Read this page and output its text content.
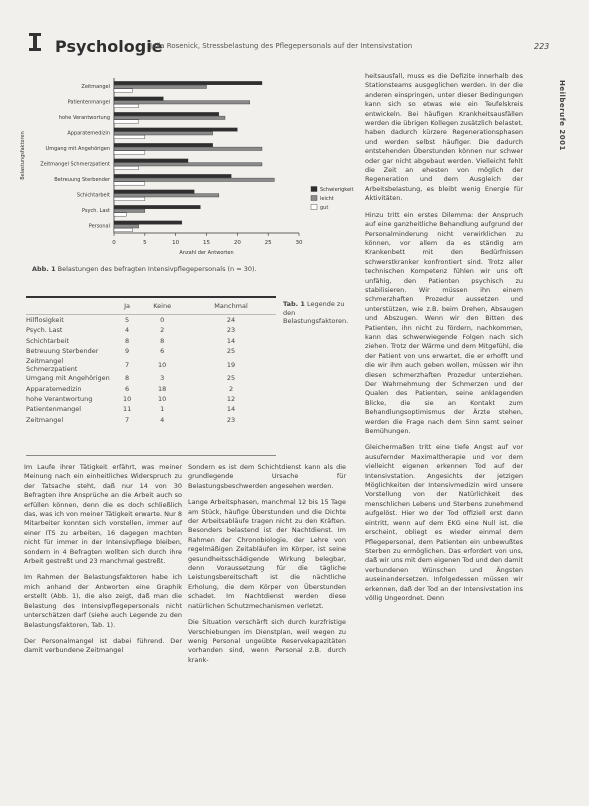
Psychologie
Jella Rosenick, Stressbelastung des Pflegepersonals auf der Intensivstation	223
Heilberufe 2001
Zeitmangel
Patientenmangel
hohe Verantwortung
Apparatemedizin
Umgang mit Angehörigen
Zeitmangel Schmerzpatient
Betreuung Sterbender
Schichtarbeit
Psych. Last
Personal
0	5	10	15	20	25	30
Anzahl der Antworten
Belastungsfaktoren
Schwierigkeit
leicht
gut
Abb. 1 Belastungen des befragten Intensivpflegepersonals (n = 30).
	Ja	Keine	Manchmal
Hilflosigkeit	5	0	24
Psych. Last	4	2	23
Schichtarbeit	8	8	14
Betreuung Sterbender	9	6	25
Zeitmangel Schmerzpatient	7	10	19
Umgang mit Angehörigen	8	3	25
Apparatemedizin	6	18	2
hohe Verantwortung	10	10	12
Patientenmangel	11	1	14
Zeitmangel	7	4	23
Tab. 1 Legende zu den Belastungsfaktoren.

Im Laufe ihrer Tätigkeit erfährt, was meiner Meinung nach ein einheitliches Widerspruch zu der Tatsache steht, daß nur 14 von 30 Befragten ihre Ansprüche an die Arbeit auch so erfüllen können, denn die es doch schließlich das, was ich von meiner Tätigkeit erwarte. Nur 8 Mitarbeiter konnten sich vorstellen, immer auf einer ITS zu arbeiten, 16 dagegen machten nicht für immer in der Intensivpflege bleiben, sondern in 4 Befragten wollten sich durch ihre Arbeit gestreßt und 23 manchmal gestreßt.

Im Rahmen der Belastungsfaktoren habe ich mich anhand der Antworten eine Graphik erstellt (Abb. 1), die also zeigt, daß man die Belastung des Intensivpflegepersonals nicht unterschätzen darf (siehe auch Legende zu den Belastungsfaktoren, Tab. 1).

Der Personalmangel ist dabei führend. Der damit verbundene Zeitmangel

Sondern es ist dem Schichtdienst kann als die grundlegende Ursache für Belastungsbeschwerden angesehen werden.

Lange Arbeitsphasen, manchmal 12 bis 15 Tage am Stück, häufige Überstunden und die Dichte der Arbeitsabläufe tragen nicht zu den Kräften. Besonders belastend ist der Nachtdienst. Im Rahmen der Chronobiologie, der Lehre von regelmäßigen Zeitabläufen im Körper, ist seine gesundheitsschädigende Wirkung belegbar, denn Voraussetzung für die tägliche Leistungsbereitschaft ist die nächtliche Erholung, die dem Körper von Überstunden schadet. Im Nachtdienst werden diese natürlichen Schutzmechanismen verletzt.

Die Situation verschärft sich durch kurzfristige Verschiebungen im Dienstplan, weil wegen zu wenig Personal ungeübte Reservekapazitäten vorhanden sind, wenn Personal z.B. durch krank-

heitsausfall, muss es die Defizite innerhalb des Stationsteams ausgeglichen werden. In der die anderen einspringen, unter dieser Bedingungen kann sich so etwas wie ein Teufelskreis entwickeln. Bei häufigen Krankheitsausfällen werden die übrigen Kollegen zusätzlich belastet, haben dadurch kürzere Regenerationsphasen und werden selbst häufiger. Die dadurch entstehenden Überstunden können nur schwer oder gar nicht abgebaut werden. Vielleicht fehlt die Zeit an ehesten von möglich der Regeneration und dem Ausgleich der Arbeitsbelastung, es bleibt wenig Energie für Aktivitäten.

Hinzu tritt ein erstes Dilemma: der Anspruch auf eine ganzheitliche Behandlung aufgrund der Personalminderung nicht verwirklichen zu können, vor allem da es ständig am Krankenbett mit den Bedürfnissen schwerstkranker konfrontiert sind. Trotz aller technischen Kompetenz fühlen wir uns oft unfähig, den Patienten psychisch zu stabilisieren. Wir müssen ihn einem schmerzhaften Prozedur aussetzen und unterstützen, wie z.B. beim Drehen, Absaugen und Abszugen. Wenn wir den Bitten des Patienten, ihn nicht zu fördern, nachkommen, kann das schwerwiegende Folgen nach sich ziehen. Trotz der Wärme und dem Mitgefühl, die der Patient von uns erwartet, die er erhofft und die wir ihm auch geben wollen, müssen wir ihn diesen schmerzhaften Prozedur unterziehen. Der Wahrnehmung der Schmerzen und der Qualen des Patienten, seine anklagenden Blicke, die sie an Kontakt zum Behandlungsoptimismus der Ärzte stehen, werden die Frage nach dem Sinn samt seiner Bemühungen.

Gleichermaßen tritt eine tiefe Angst auf vor ausufernder Maximaltherapie und vor dem vielleicht eigenen erkennen Tod auf der Intensivstation. Angesichts der jetzigen Möglichkeiten der Intensivmedizin wird unsere Vorstellung von der Natürlichkeit des menschlichen Lebens und Sterbens zunehmend aufgelöst. Hier wo der Tod offiziell erst dann eintritt, wenn auf dem EKG eine Null ist, die erscheint, obliegt es wieder einmal dem Pflegepersonal, dem Patienten ein unbewußtes Sterben zu ermöglichen. Das erfordert von uns, daß wir uns mit dem eigenen Tod und den damit verbundenen Wünschen und Ängsten auseinandersetzen. Infolgedessen müssen wir erkennen, daß der Tod an der Intensivstation ins völlig Ungeordnet. Denn
